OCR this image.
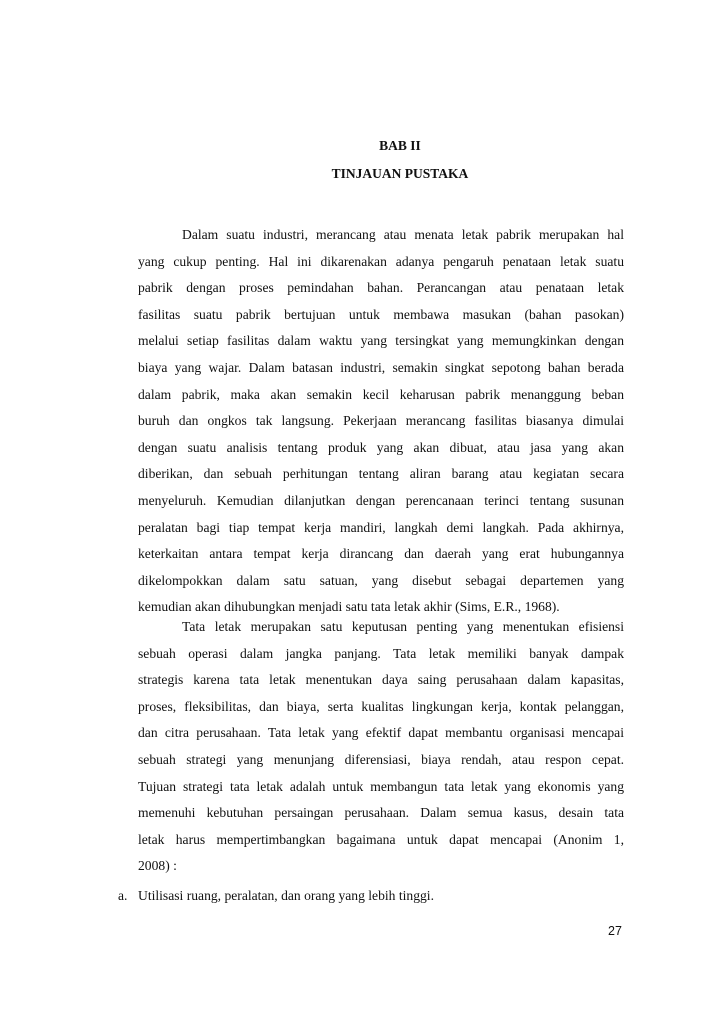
BAB II
TINJAUAN PUSTAKA
Dalam suatu industri, merancang atau menata letak pabrik merupakan hal
yang cukup penting. Hal ini dikarenakan adanya pengaruh penataan letak suatu
pabrik dengan proses pemindahan bahan. Perancangan atau penataan letak
fasilitas suatu pabrik bertujuan untuk membawa masukan (bahan pasokan)
melalui setiap fasilitas dalam waktu yang tersingkat yang memungkinkan dengan
biaya yang wajar. Dalam batasan industri, semakin singkat sepotong bahan berada
dalam pabrik, maka akan semakin kecil keharusan pabrik menanggung beban
buruh dan ongkos tak langsung. Pekerjaan merancang fasilitas biasanya dimulai
dengan suatu analisis tentang produk yang akan dibuat, atau jasa yang akan
diberikan, dan sebuah perhitungan tentang aliran barang atau kegiatan secara
menyeluruh. Kemudian dilanjutkan dengan perencanaan terinci tentang susunan
peralatan bagi tiap tempat kerja mandiri, langkah demi langkah. Pada akhirnya,
keterkaitan antara tempat kerja dirancang dan daerah yang erat hubungannya
dikelompokkan dalam satu satuan, yang disebut sebagai departemen yang
kemudian akan dihubungkan menjadi satu tata letak akhir (Sims, E.R., 1968).
Tata letak merupakan satu keputusan penting yang menentukan efisiensi
sebuah operasi dalam jangka panjang. Tata letak memiliki banyak dampak
strategis karena tata letak menentukan daya saing perusahaan dalam kapasitas,
proses, fleksibilitas, dan biaya, serta kualitas lingkungan kerja, kontak pelanggan,
dan citra perusahaan. Tata letak yang efektif dapat membantu organisasi mencapai
sebuah strategi yang menunjang diferensiasi, biaya rendah, atau respon cepat.
Tujuan strategi tata letak adalah untuk membangun tata letak yang ekonomis yang
memenuhi kebutuhan persaingan perusahaan. Dalam semua kasus, desain tata
letak harus mempertimbangkan bagaimana untuk dapat mencapai (Anonim 1,
2008) :
a. Utilisasi ruang, peralatan, dan orang yang lebih tinggi.
27
